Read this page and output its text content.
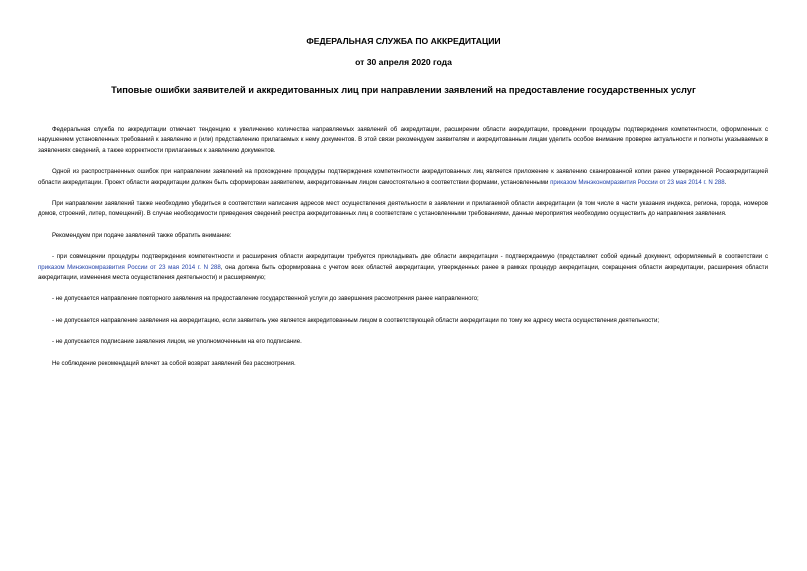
ФЕДЕРАЛЬНАЯ СЛУЖБА ПО АККРЕДИТАЦИИ
от 30 апреля 2020 года
Типовые ошибки заявителей и аккредитованных лиц при направлении заявлений на предоставление государственных услуг

Федеральная служба по аккредитации отмечает тенденцию к увеличению количества направляемых заявлений об аккредитации, расширении области аккредитации, проведении процедуры подтверждения компетентности, оформленных с нарушением установленных требований к заявлению и (или) представлению прилагаемых к нему документов. В этой связи рекомендуем заявителям и аккредитованным лицам уделить особое внимание проверке актуальности и полноты указываемых в заявлениях сведений, а также корректности прилагаемых к заявлению документов.

Одной из распространенных ошибок при направлении заявлений на прохождение процедуры подтверждения компетентности аккредитованных лиц является приложение к заявлению сканированной копии ранее утвержденной Росаккредитацией области аккредитации. Проект области аккредитации должен быть сформирован заявителем, аккредитованным лицом самостоятельно в соответствии формами, установленными приказом Минэкономразвития России от 23 мая 2014 г. N 288.

При направлении заявлений также необходимо убедиться в соответствии написания адресов мест осуществления деятельности в заявлении и прилагаемой области аккредитации (в том числе в части указания индекса, региона, города, номеров домов, строений, литер, помещений). В случае необходимости приведения сведений реестра аккредитованных лиц в соответствие с установленными требованиями, данные мероприятия необходимо осуществить до направления заявления.

Рекомендуем при подаче заявлений также обратить внимание:

- при совмещении процедуры подтверждения компетентности и расширения области аккредитации требуется прикладывать две области аккредитации - подтверждаемую (представляет собой единый документ, оформляемый в соответствии с приказом Минэкономразвития России от 23 мая 2014 г. N 288, она должна быть сформирована с учетом всех областей аккредитации, утвержденных ранее в рамках процедур аккредитации, сокращения области аккредитации, расширения области аккредитации, изменения места осуществления деятельности) и расширяемую;

- не допускается направление повторного заявления на предоставление государственной услуги до завершения рассмотрения ранее направленного;

- не допускается направление заявления на аккредитацию, если заявитель уже является аккредитованным лицом в соответствующей области аккредитации по тому же адресу места осуществления деятельности;

- не допускается подписание заявления лицом, не уполномоченным на его подписание.

Не соблюдение рекомендаций влечет за собой возврат заявлений без рассмотрения.
